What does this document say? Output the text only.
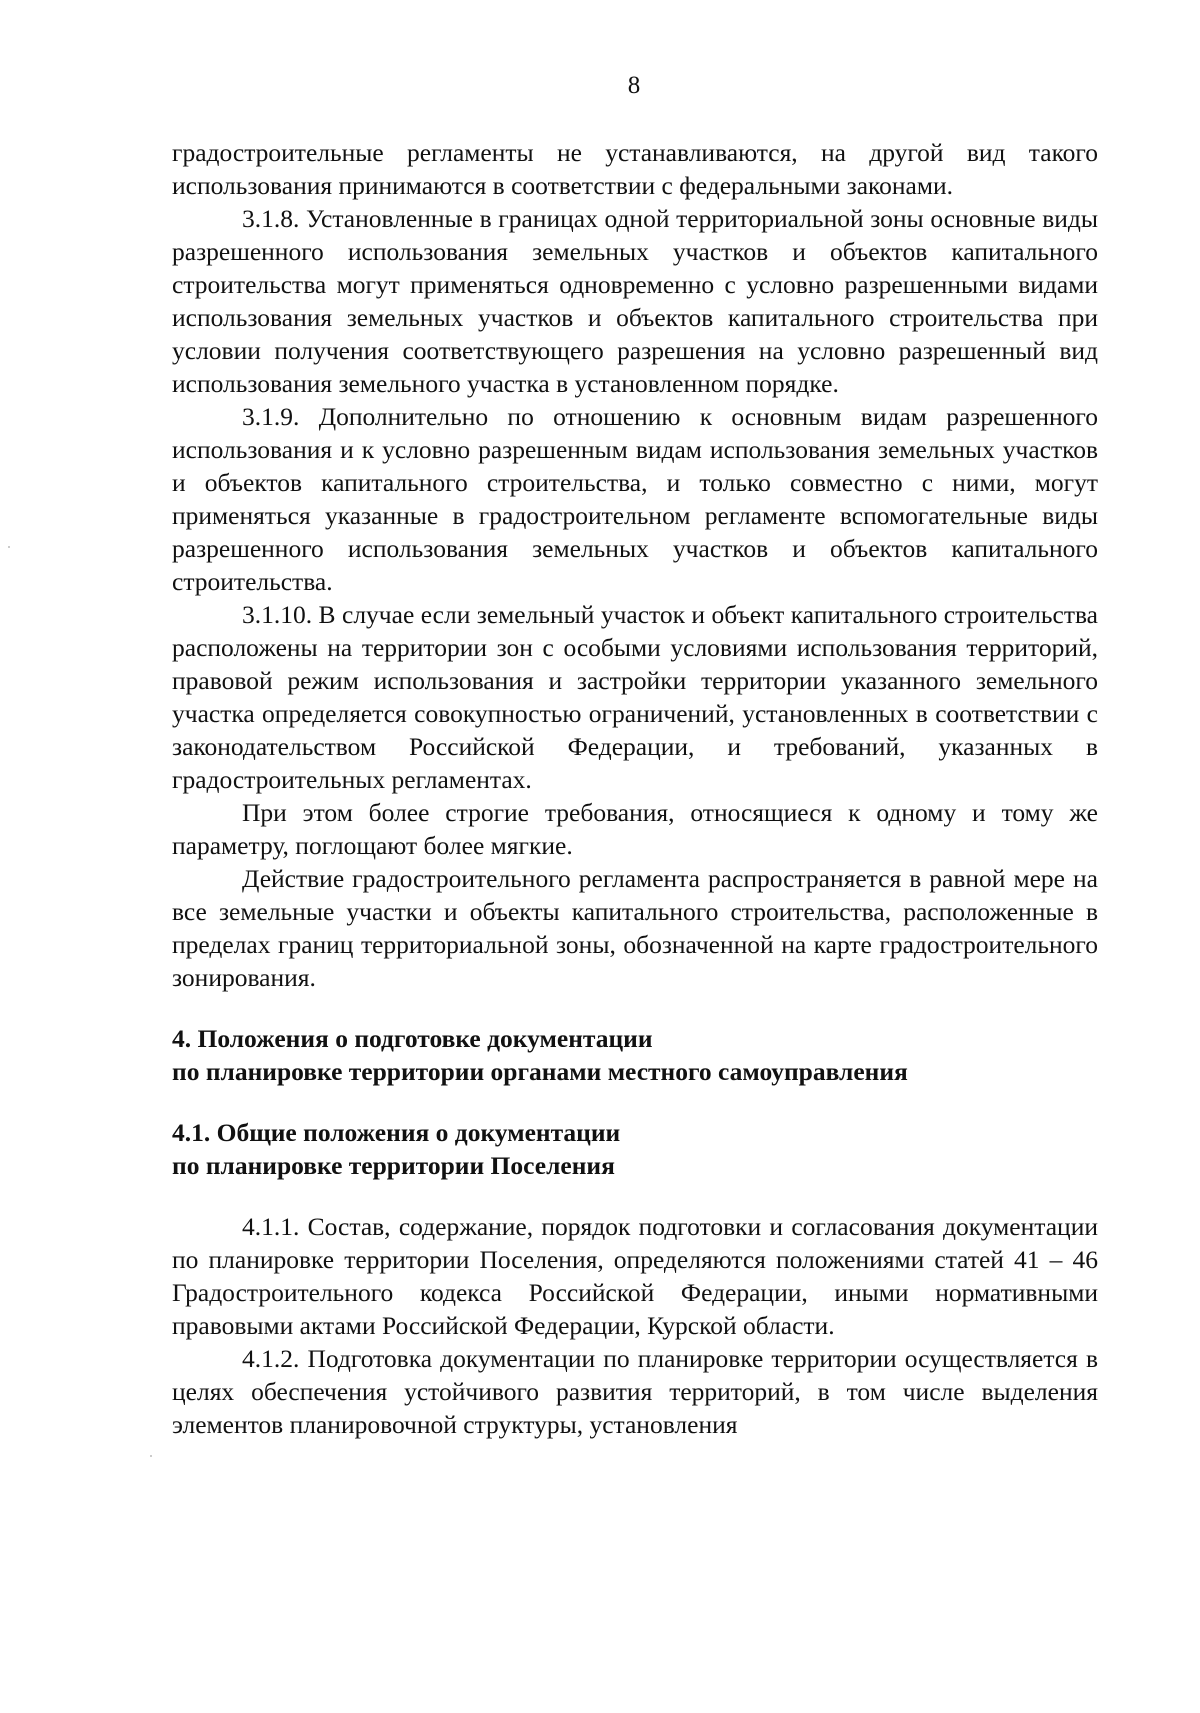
8

градостроительные регламенты не устанавливаются, на другой вид такого использования принимаются в соответствии с федеральными законами.

3.1.8. Установленные в границах одной территориальной зоны основные виды разрешенного использования земельных участков и объектов капитального строительства могут применяться одновременно с условно разрешенными видами использования земельных участков и объектов капитального строительства при условии получения соответствующего разрешения на условно разрешенный вид использования земельного участка в установленном порядке.

3.1.9. Дополнительно по отношению к основным видам разрешенного использования и к условно разрешенным видам использования земельных участков и объектов капитального строительства, и только совместно с ними, могут применяться указанные в градостроительном регламенте вспомогательные виды разрешенного использования земельных участков и объектов капитального строительства.

3.1.10. В случае если земельный участок и объект капитального строительства расположены на территории зон с особыми условиями использования территорий, правовой режим использования и застройки территории указанного земельного участка определяется совокупностью ограничений, установленных в соответствии с законодательством Российской Федерации, и требований, указанных в градостроительных регламентах.

При этом более строгие требования, относящиеся к одному и тому же параметру, поглощают более мягкие.

Действие градостроительного регламента распространяется в равной мере на все земельные участки и объекты капитального строительства, расположенные в пределах границ территориальной зоны, обозначенной на карте градостроительного зонирования.

4. Положения о подготовке документации

по планировке территории органами местного самоуправления

4.1. Общие положения о документации

по планировке территории Поселения

4.1.1. Состав, содержание, порядок подготовки и согласования документации по планировке территории Поселения, определяются положениями статей 41 – 46 Градостроительного кодекса Российской Федерации, иными нормативными правовыми актами Российской Федерации, Курской области.

4.1.2. Подготовка документации по планировке территории осуществляется в целях обеспечения устойчивого развития территорий, в том числе выделения элементов планировочной структуры, установления
